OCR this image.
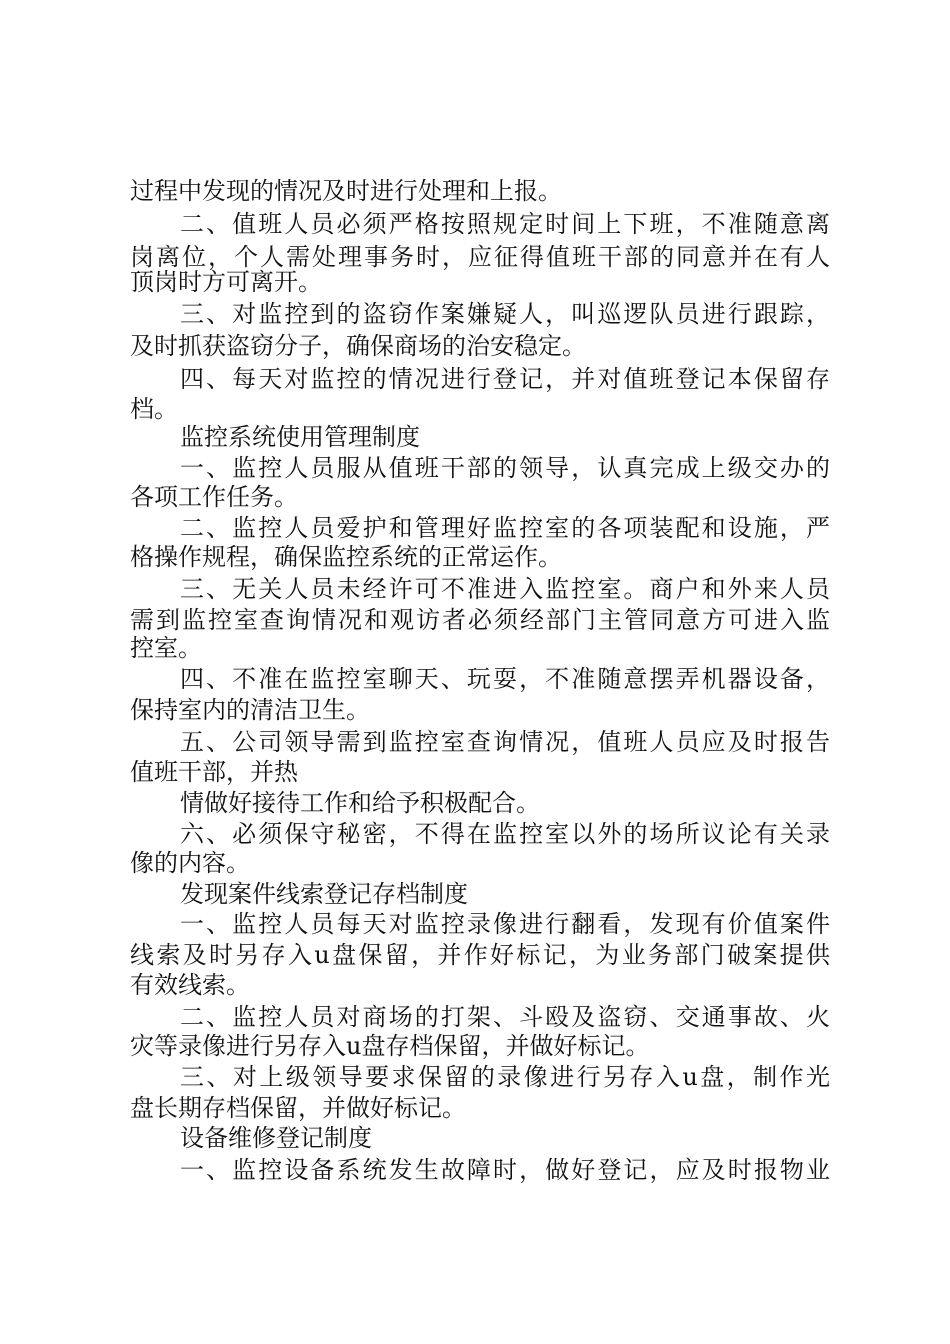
过程中发现的情况及时进行处理和上报。
二、值班人员必须严格按照规定时间上下班，不准随意离
岗离位，个人需处理事务时，应征得值班干部的同意并在有人
顶岗时方可离开。
三、对监控到的盗窃作案嫌疑人，叫巡逻队员进行跟踪，
及时抓获盗窃分子，确保商场的治安稳定。
四、每天对监控的情况进行登记，并对值班登记本保留存
档。
监控系统使用管理制度
一、监控人员服从值班干部的领导，认真完成上级交办的
各项工作任务。
二、监控人员爱护和管理好监控室的各项装配和设施，严
格操作规程，确保监控系统的正常运作。
三、无关人员未经许可不准进入监控室。商户和外来人员
需到监控室查询情况和观访者必须经部门主管同意方可进入监
控室。
四、不准在监控室聊天、玩耍，不准随意摆弄机器设备，
保持室内的清洁卫生。
五、公司领导需到监控室查询情况，值班人员应及时报告
值班干部，并热
情做好接待工作和给予积极配合。
六、必须保守秘密，不得在监控室以外的场所议论有关录
像的内容。
发现案件线索登记存档制度
一、监控人员每天对监控录像进行翻看，发现有价值案件
线索及时另存入u盘保留，并作好标记，为业务部门破案提供
有效线索。
二、监控人员对商场的打架、斗殴及盗窃、交通事故、火
灾等录像进行另存入u盘存档保留，并做好标记。
三、对上级领导要求保留的录像进行另存入u盘，制作光
盘长期存档保留，并做好标记。
设备维修登记制度
一、监控设备系统发生故障时，做好登记，应及时报物业
